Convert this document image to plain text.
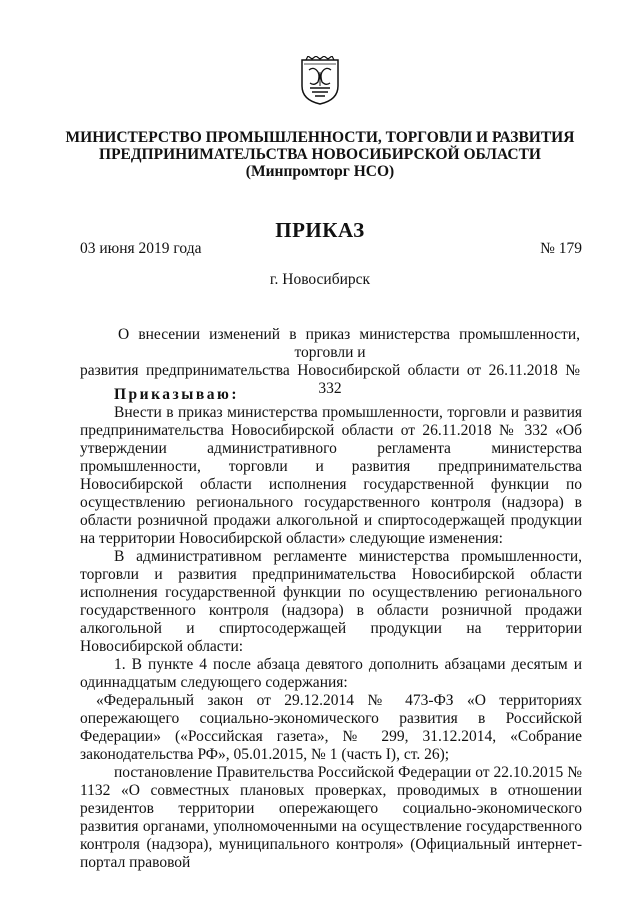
МИНИСТЕРСТВО ПРОМЫШЛЕННОСТИ, ТОРГОВЛИ И РАЗВИТИЯ
ПРЕДПРИНИМАТЕЛЬСТВА НОВОСИБИРСКОЙ ОБЛАСТИ
(Минпромторг НСО)
ПРИКАЗ
03 июня 2019 года	№ 179
г. Новосибирск
О внесении изменений в приказ министерства промышленности, торговли и
развития предпринимательства Новосибирской области от 26.11.2018 № 332

Приказываю:

Внести в приказ министерства промышленности, торговли и развития предпринимательства Новосибирской области от 26.11.2018 № 332 «Об утверждении административного регламента министерства промышленности, торговли и развития предпринимательства Новосибирской области исполнения государственной функции по осуществлению регионального государственного контроля (надзора) в области розничной продажи алкогольной и спиртосодержащей продукции на территории Новосибирской области» следующие изменения:

В административном регламенте министерства промышленности, торговли и развития предпринимательства Новосибирской области исполнения государственной функции по осуществлению регионального государственного контроля (надзора) в области розничной продажи алкогольной и спиртосодержащей продукции на территории Новосибирской области:

1. В пункте 4 после абзаца девятого дополнить абзацами десятым и одиннадцатым следующего содержания:

«Федеральный закон от 29.12.2014 № 473-ФЗ «О территориях опережающего социально-экономического развития в Российской Федерации» («Российская газета», № 299, 31.12.2014, «Собрание законодательства РФ», 05.01.2015, № 1 (часть I), ст. 26);

постановление Правительства Российской Федерации от 22.10.2015 № 1132 «О совместных плановых проверках, проводимых в отношении резидентов территории опережающего социально-экономического развития органами, уполномоченными на осуществление государственного контроля (надзора), муниципального контроля» (Официальный интернет-портал правовой
